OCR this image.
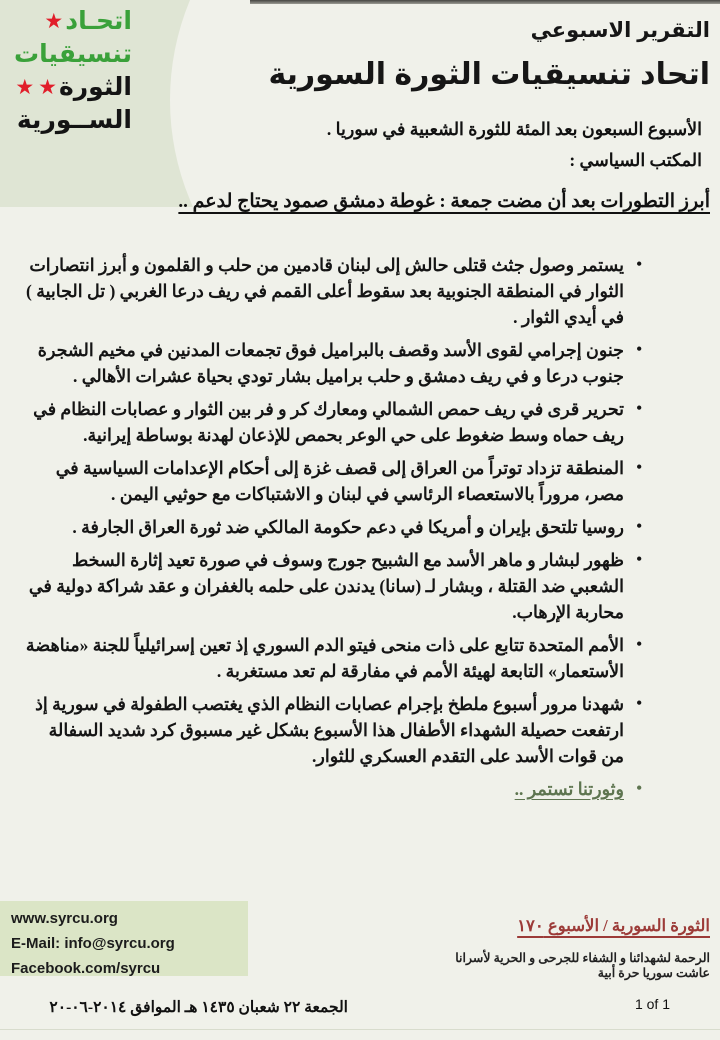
اتحـاد★
تنسيقيات
الثورة★★
الســورية
التقرير الاسبوعي
اتحاد تنسيقيات الثورة السورية
الأسبوع السبعون بعد المئة للثورة الشعبية في سوريا .
المكتب السياسي :
أبرز التطورات بعد أن مضت جمعة : غوطة دمشق صمود يحتاج لدعم ..
• يستمر وصول جثث قتلى حالش إلى لبنان قادمين من حلب و القلمون و أبرز انتصارات الثوار في المنطقة الجنوبية بعد سقوط أعلى القمم في ريف درعا الغربي ( تل الجابية ) في أيدي الثوار .
• جنون إجرامي لقوى الأسد وقصف بالبراميل فوق تجمعات المدنين في مخيم الشجرة جنوب درعا و في ريف دمشق و حلب براميل بشار تودي بحياة عشرات الأهالي .
• تحرير قرى في ريف حمص الشمالي ومعارك كر و فر بين الثوار و عصابات النظام في ريف حماه وسط ضغوط على حي الوعر بحمص للإذعان لهدنة بوساطة إيرانية.
• المنطقة تزداد توتراً من العراق إلى قصف غزة إلى أحكام الإعدامات السياسية في مصر، مروراً بالاستعصاء الرئاسي في لبنان و الاشتباكات مع حوثيي اليمن .
• روسيا تلتحق بإيران و أمريكا في دعم حكومة المالكي ضد ثورة العراق الجارفة .
• ظهور لبشار و ماهر الأسد مع الشبيح جورج وسوف في صورة تعيد إثارة السخط الشعبي ضد القتلة ، وبشار لـ (سانا) يدندن على حلمه بالغفران و عقد شراكة دولية في محاربة الإرهاب.
• الأمم المتحدة تتابع على ذات منحى فيتو الدم السوري إذ تعين إسرائيلياً للجنة «مناهضة الأستعمار» التابعة لهيئة الأمم في مفارقة لم تعد مستغربة .
• شهدنا مرور أسبوع ملطخ بإجرام عصابات النظام الذي يغتصب الطفولة في سورية إذ ارتفعت حصيلة الشهداء الأطفال هذا الأسبوع بشكل غير مسبوق كرد شديد السفالة من قوات الأسد على التقدم العسكري للثوار.
• وثورتنا تستمر ..
www.syrcu.org
E-Mail: info@syrcu.org
Facebook.com/syrcu
الثورة السورية / الأسبوع ١٧٠
الرحمة لشهدائنا و الشفاء للجرحى و الحرية لأسرانا
عاشت سوريا حرة أبية
1 of 1
الجمعة ٢٢ شعبان ١٤٣٥ هـ الموافق ٢٠١٤-٠٦-٢٠
